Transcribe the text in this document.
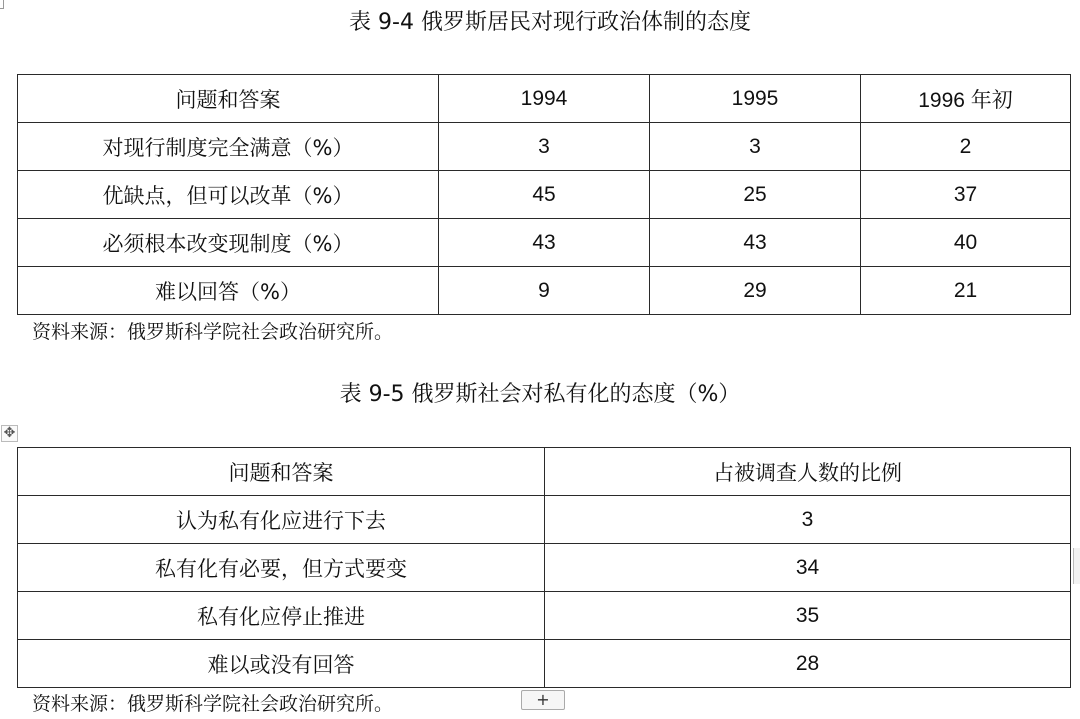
表 9-4 俄罗斯居民对现行政治体制的态度
问题和答案	1994	1995	1996 年初
对现行制度完全满意（%）	3	3	2
优缺点，但可以改革（%）	45	25	37
必须根本改变现制度（%）	43	43	40
难以回答（%）	9	29	21
资料来源：俄罗斯科学院社会政治研究所。
表 9-5 俄罗斯社会对私有化的态度（%）
✥
问题和答案	占被调查人数的比例
认为私有化应进行下去	3
私有化有必要，但方式要变	34
私有化应停止推进	35
难以或没有回答	28
资料来源：俄罗斯科学院社会政治研究所。	+
